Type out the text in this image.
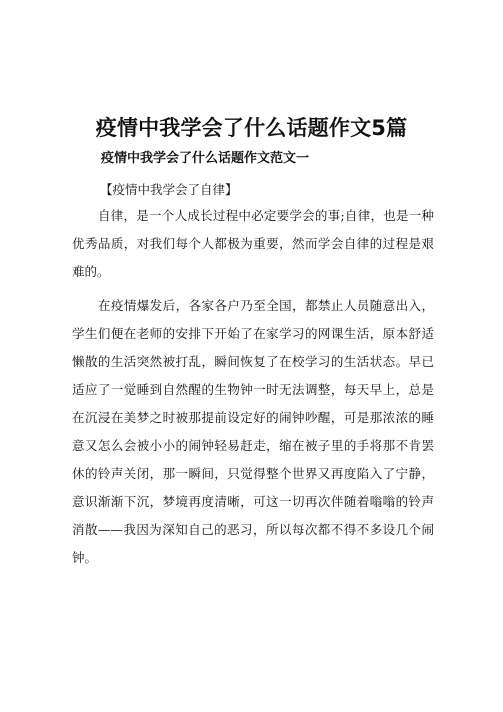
疫情中我学会了什么话题作文5篇
疫情中我学会了什么话题作文范文一
【疫情中我学会了自律】

自律，是一个人成长过程中必定要学会的事;自律，也是一种优秀品质，对我们每个人都极为重要，然而学会自律的过程是艰难的。

在疫情爆发后，各家各户乃至全国，都禁止人员随意出入，学生们便在老师的安排下开始了在家学习的网课生活，原本舒适懒散的生活突然被打乱，瞬间恢复了在校学习的生活状态。早已适应了一觉睡到自然醒的生物钟一时无法调整，每天早上，总是在沉浸在美梦之时被那提前设定好的闹钟吵醒，可是那浓浓的睡意又怎么会被小小的闹钟轻易赶走，缩在被子里的手将那不肯罢休的铃声关闭，那一瞬间，只觉得整个世界又再度陷入了宁静，意识渐渐下沉，梦境再度清晰，可这一切再次伴随着嗡嗡的铃声消散——我因为深知自己的恶习，所以每次都不得不多设几个闹钟。
